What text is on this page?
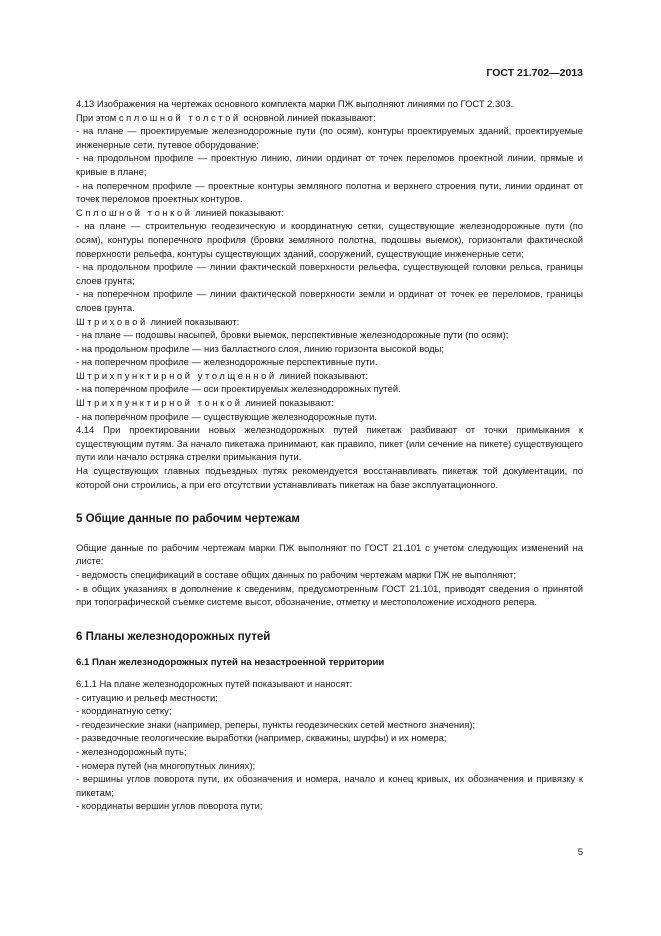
ГОСТ 21.702—2013

4.13 Изображения на чертежах основного комплекта марки ПЖ выполняют линиями по ГОСТ 2.303.

При этом сплошной толстой основной линией показывают:

- на плане — проектируемые железнодорожные пути (по осям), контуры проектируемых зданий, проектируемые инженерные сети, путевое оборудование;

- на продольном профиле — проектную линию, линии ординат от точек переломов проектной линии, прямые и кривые в плане;

- на поперечном профиле — проектные контуры земляного полотна и верхнего строения пути, линии ординат от точек переломов проектных контуров.

Сплошной тонкой линией показывают:

- на плане — строительную геодезическую и координатную сетки, существующие железнодорожные пути (по осям), контуры поперечного профиля (бровки земляного полотна, подошвы выемок), горизонтали фактической поверхности рельефа, контуры существующих зданий, сооружений, существующие инженерные сети;

- на продольном профиле — линии фактической поверхности рельефа, существующей головки рельса, границы слоев грунта;

- на поперечном профиле — линии фактической поверхности земли и ординат от точек ее переломов, границы слоев грунта.

Штриховой линией показывают:

- на плане — подошвы насыпей, бровки выемок, перспективные железнодорожные пути (по осям);

- на продольном профиле — низ балластного слоя, линию горизонта высокой воды;

- на поперечном профиле — железнодорожные перспективные пути.

Штрихпунктирной утолщенной линией показывают:

- на поперечном профиле — оси проектируемых железнодорожных путей.

Штрихпунктирной тонкой линией показывают:

- на поперечном профиле — существующие железнодорожные пути.

4.14 При проектировании новых железнодорожных путей пикетаж разбивают от точки примыкания к существующим путям. За начало пикетажа принимают, как правило, пикет (или сечение на пикете) существующего пути или начало остряка стрелки примыкания пути.

На существующих главных подъездных путях рекомендуется восстанавливать пикетаж той документации, по которой они строились, а при его отсутствии устанавливать пикетаж на базе эксплуатационного.

5 Общие данные по рабочим чертежам

Общие данные по рабочим чертежам марки ПЖ выполняют по ГОСТ 21.101 с учетом следующих изменений на листе:

- ведомость спецификаций в составе общих данных по рабочим чертежам марки ПЖ не выполняют;

- в общих указаниях в дополнение к сведениям, предусмотренным ГОСТ 21.101, приводят сведения о принятой при топографической съемке системе высот, обозначение, отметку и местоположение исходного репера.

6 Планы железнодорожных путей
6.1 План железнодорожных путей на незастроенной территории

6.1.1 На плане железнодорожных путей показывают и наносят:

- ситуацию и рельеф местности;

- координатную сетку;

- геодезические знаки (например, реперы, пункты геодезических сетей местного значения);

- разведочные геологические выработки (например, скважины, шурфы) и их номера;

- железнодорожный путь;

- номера путей (на многопутных линиях);

- вершины углов поворота пути, их обозначения и номера, начало и конец кривых, их обозначения и привязку к пикетам;

- координаты вершин углов поворота пути;

5
